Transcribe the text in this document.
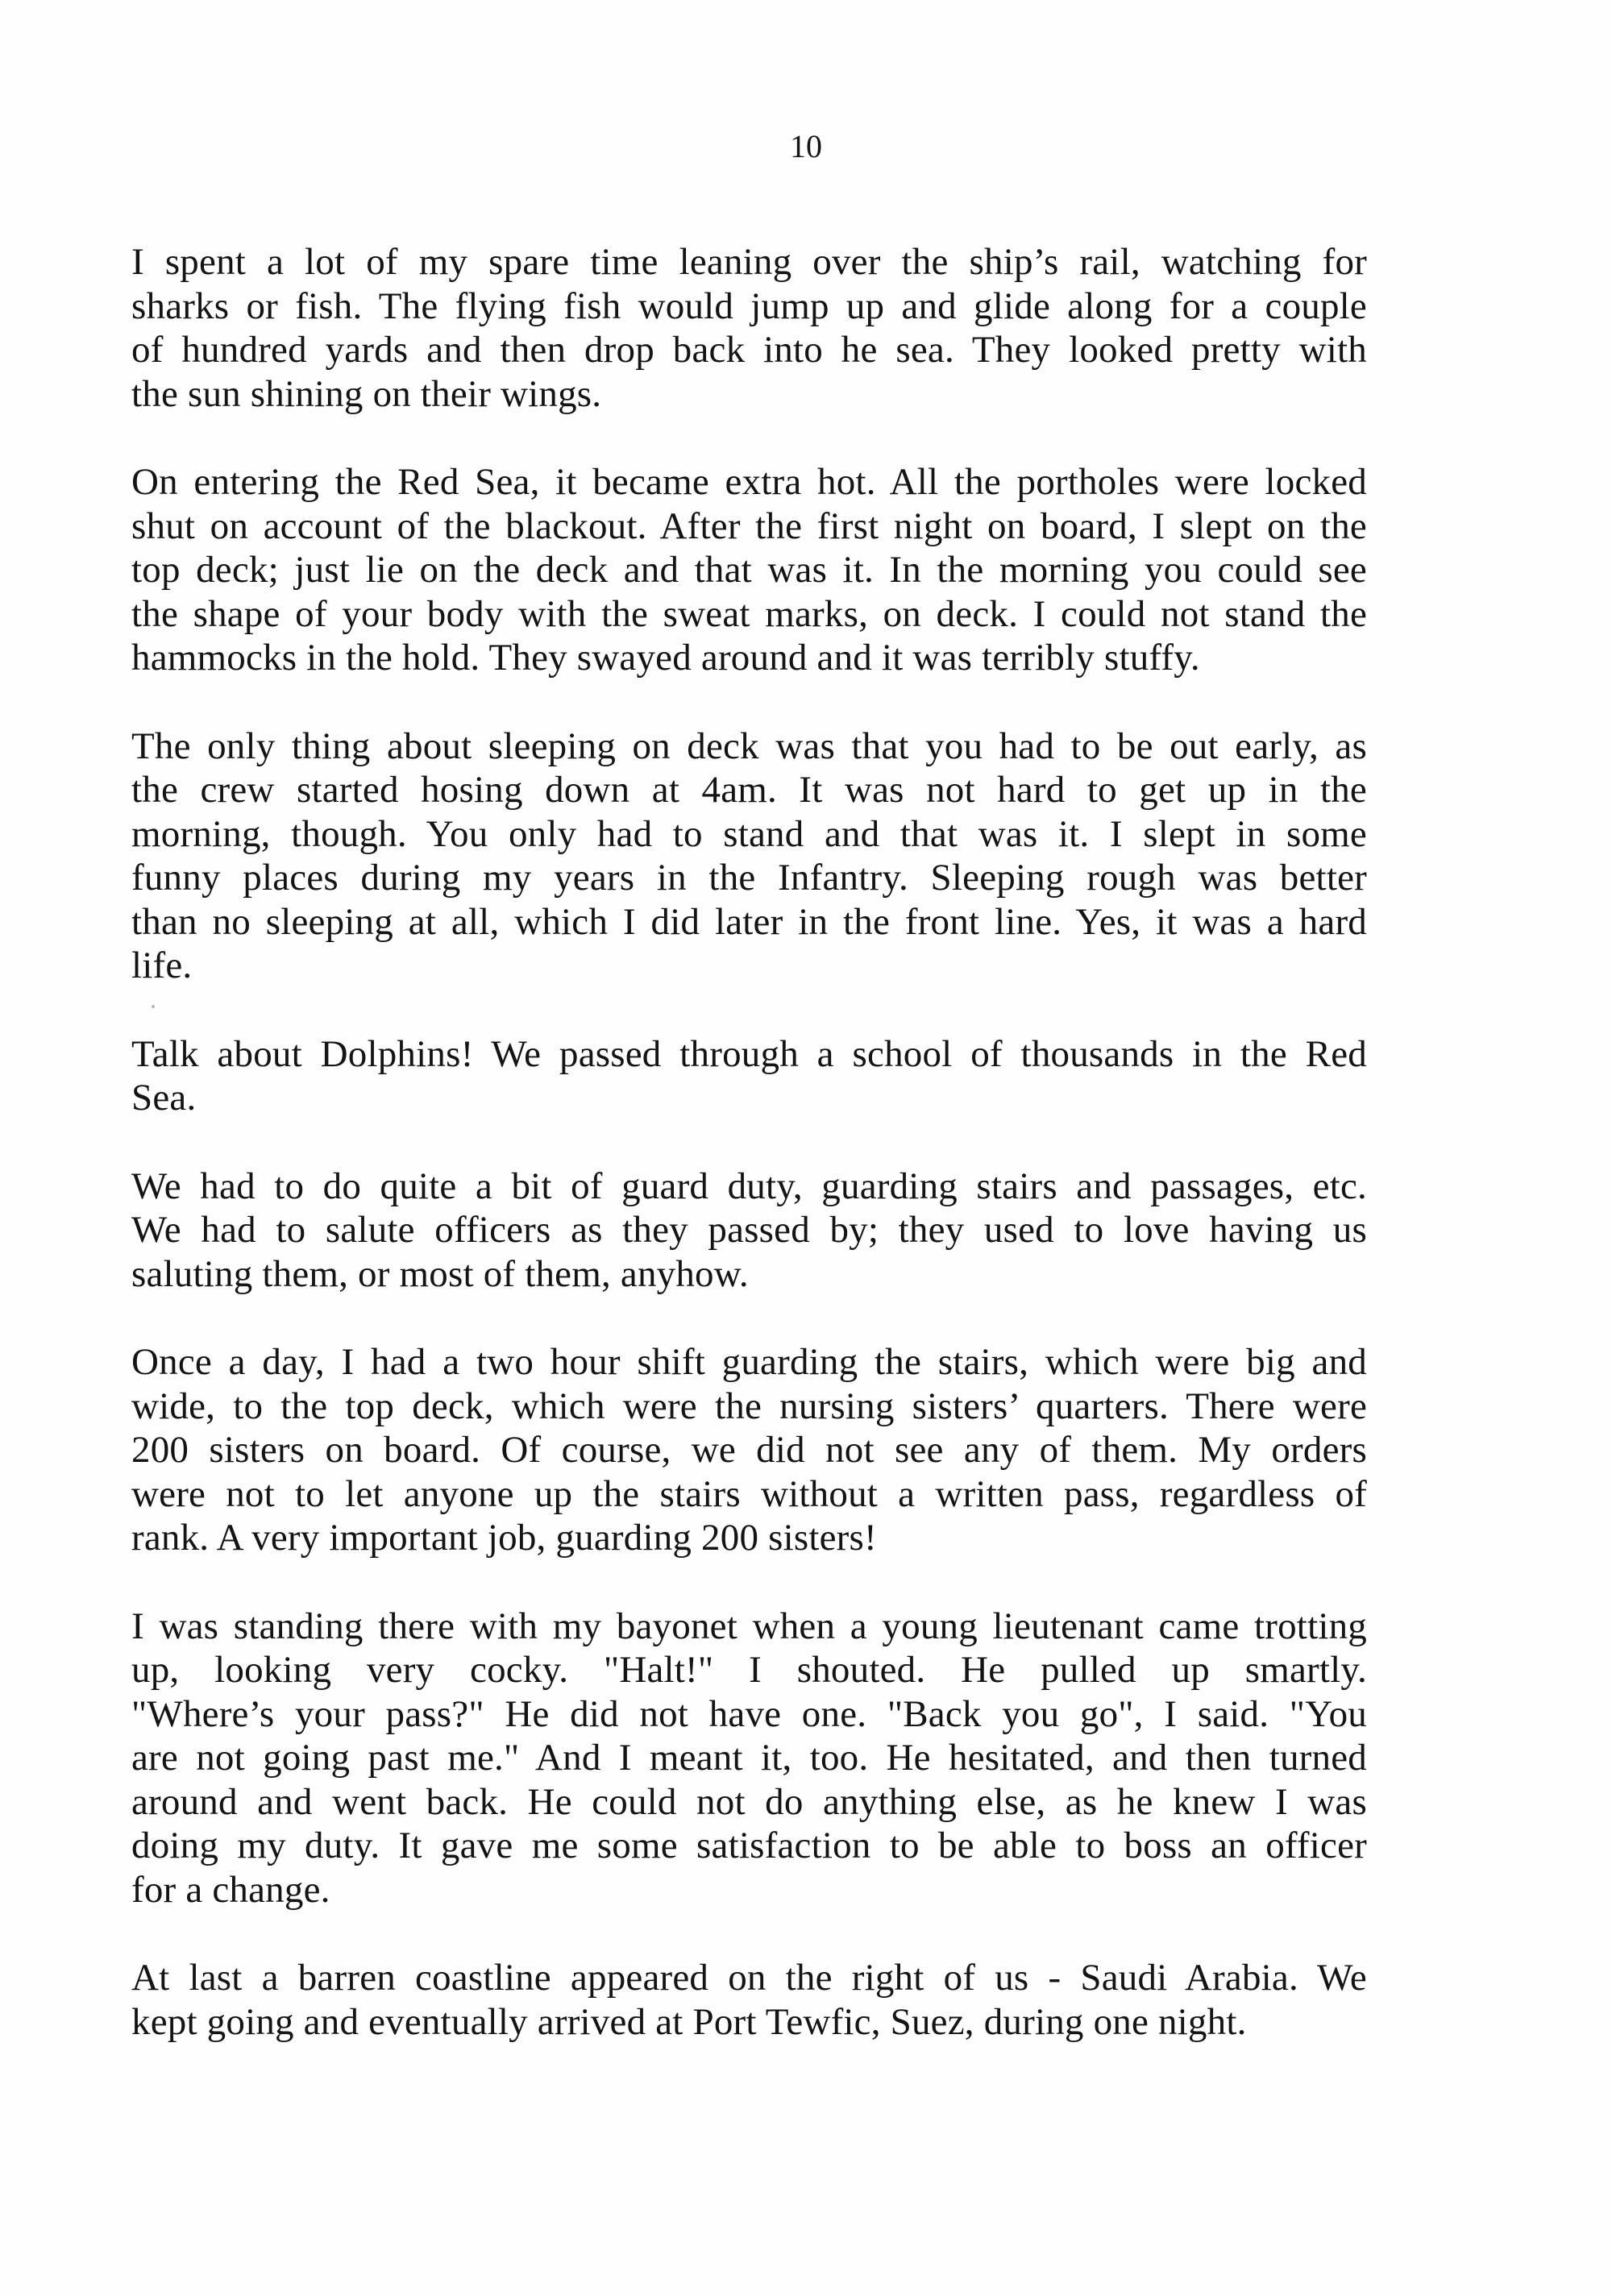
10

I spent a lot of my spare time leaning over the ship’s rail, watching for
sharks or fish. The flying fish would jump up and glide along for a couple
of hundred yards and then drop back into he sea. They looked pretty with
the sun shining on their wings.

On entering the Red Sea, it became extra hot. All the portholes were locked
shut on account of the blackout. After the first night on board, I slept on the
top deck; just lie on the deck and that was it. In the morning you could see
the shape of your body with the sweat marks, on deck. I could not stand the
hammocks in the hold. They swayed around and it was terribly stuffy.

The only thing about sleeping on deck was that you had to be out early, as
the crew started hosing down at 4am. It was not hard to get up in the
morning, though. You only had to stand and that was it. I slept in some
funny places during my years in the Infantry. Sleeping rough was better
than no sleeping at all, which I did later in the front line. Yes, it was a hard
life.

Talk about Dolphins! We passed through a school of thousands in the Red
Sea.

We had to do quite a bit of guard duty, guarding stairs and passages, etc.
We had to salute officers as they passed by; they used to love having us
saluting them, or most of them, anyhow.

Once a day, I had a two hour shift guarding the stairs, which were big and
wide, to the top deck, which were the nursing sisters’ quarters. There were
200 sisters on board. Of course, we did not see any of them. My orders
were not to let anyone up the stairs without a written pass, regardless of
rank. A very important job, guarding 200 sisters!

I was standing there with my bayonet when a young lieutenant came trotting
up, looking very cocky. "Halt!" I shouted. He pulled up smartly.
"Where’s your pass?" He did not have one. "Back you go", I said. "You
are not going past me." And I meant it, too. He hesitated, and then turned
around and went back. He could not do anything else, as he knew I was
doing my duty. It gave me some satisfaction to be able to boss an officer
for a change.

At last a barren coastline appeared on the right of us - Saudi Arabia. We
kept going and eventually arrived at Port Tewfic, Suez, during one night.
